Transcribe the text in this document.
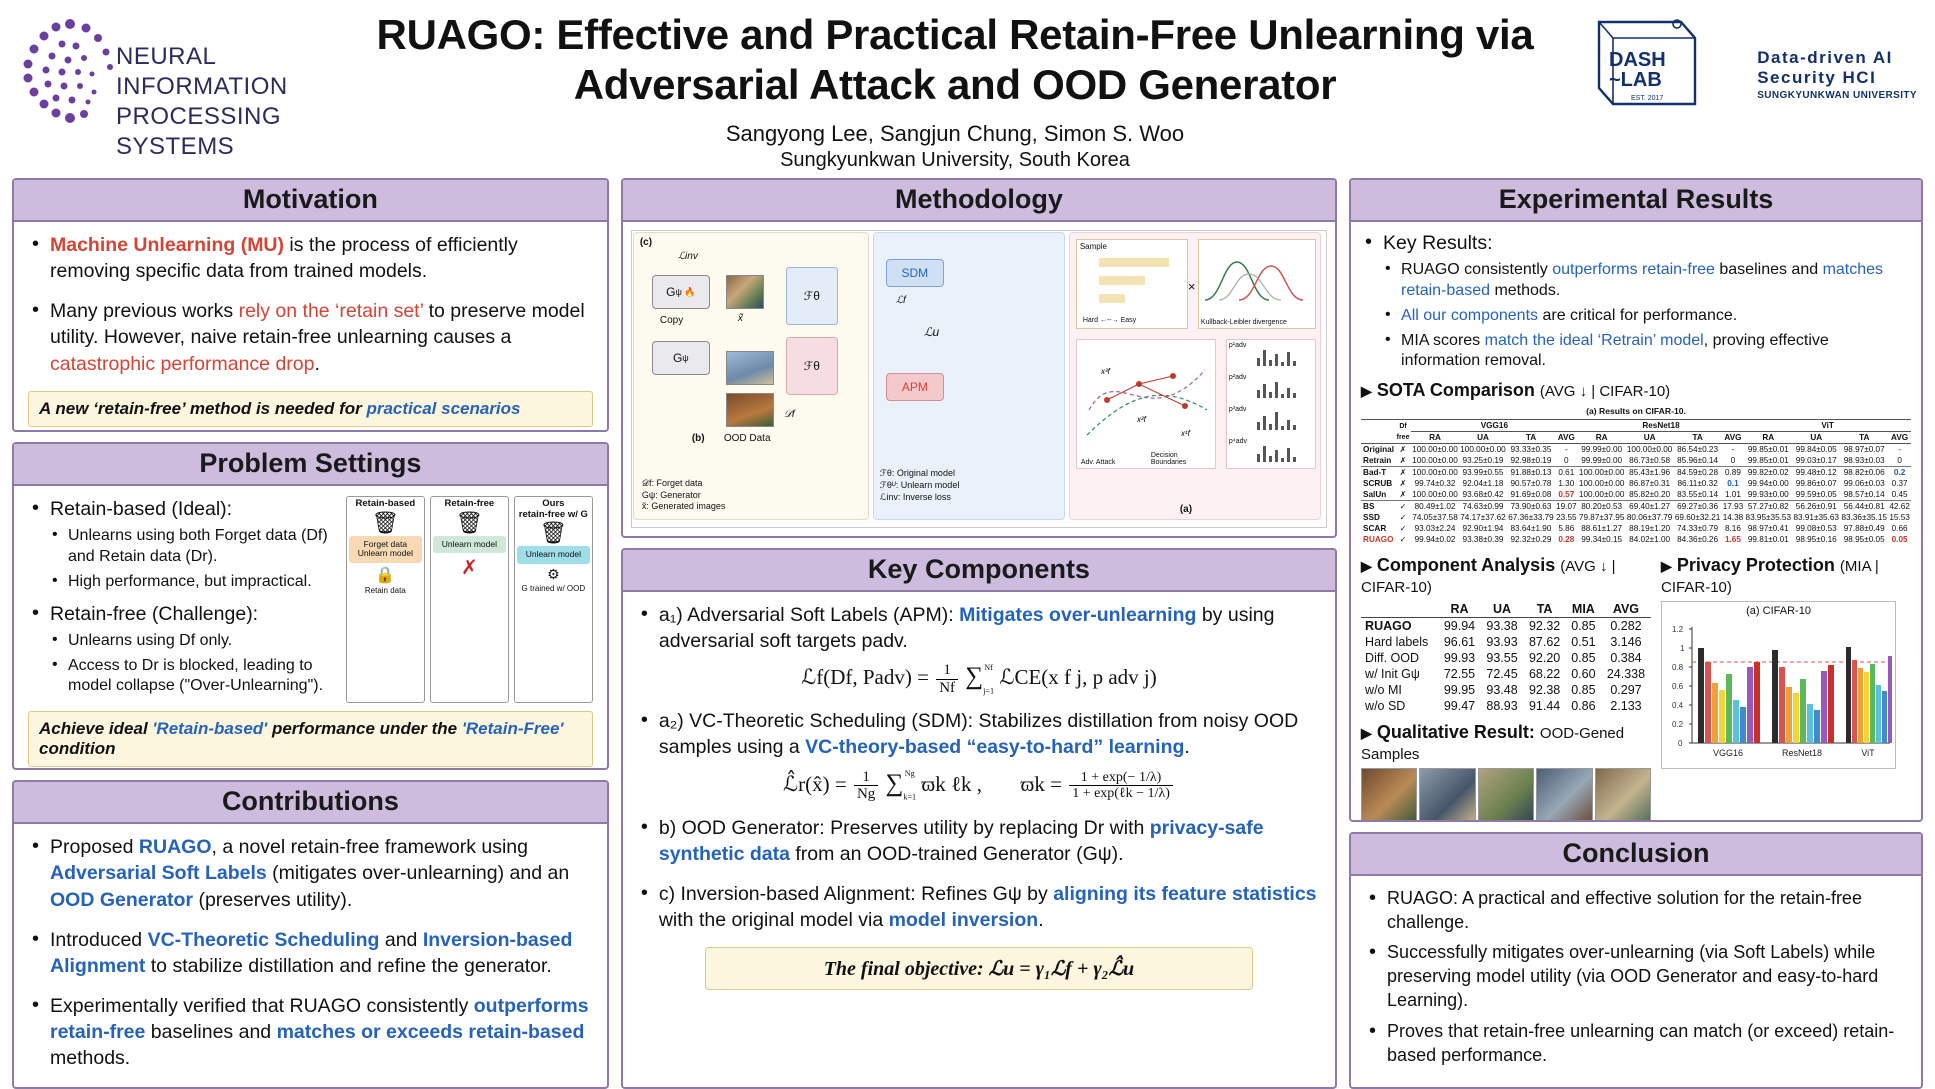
NEURAL INFORMATION
PROCESSING SYSTEMS
RUAGO: Effective and Practical Retain-Free Unlearning via Adversarial Attack and OOD Generator
Sangyong Lee, Sangjun Chung, Simon S. Woo
Sungkyunkwan University, South Korea
DASH
~LAB
EST. 2017
Data-driven AI
Security HCI
SUNGKYUNKWAN UNIVERSITY
Motivation
• Machine Unlearning (MU) is the process of efficiently removing specific data from trained models.
• Many previous works rely on the ‘retain set’ to preserve model utility. However, naive retain-free unlearning causes a catastrophic performance drop.
A new ‘retain-free’ method is needed for practical scenarios
Problem Settings
• Retain-based (Ideal):
• Unlearns using both Forget data (Df) and Retain data (Dr).
• High performance, but impractical.
• Retain-free (Challenge):
• Unlearns using Df only.
• Access to Dr is blocked, leading to model collapse ("Over-Unlearning").
Retain-based
🗑
Forget data
Unlearn model
🔒
Retain data
Retain-free
🗑
Unlearn model
✗
Ours
retain-free w/ G
🗑
Unlearn model
⚙
G trained w/ OOD
Achieve ideal 'Retain-based' performance under the 'Retain-Free' condition
Contributions
• Proposed RUAGO, a novel retain-free framework using Adversarial Soft Labels (mitigates over-unlearning) and an OOD Generator (preserves utility).
• Introduced VC-Theoretic Scheduling and Inversion-based Alignment to stabilize distillation and refine the generator.
• Experimentally verified that RUAGO consistently outperforms retain-free baselines and matches or exceeds retain-based methods.
Methodology
(c)
ℒinv
G ψ 🔥
Copy	x̃
ℱθ
G ψ
ℱθ
𝒟f
OOD Data
(b)
𝒟f: Forget data
Gψ: Generator
x̃: Generated images
SDM
APM
ℒf
ℒu
ℱθ: Original model
ℱθᵁ: Unlearn model
ℒinv: Inverse loss
Sample
Hard ←--→ Easy	Kullback-Leibler divergence
×
x³f
x²f
x¹f
Adv. Attack
Decision Boundaries
p¹adv
p²adv
p³adv
p⁴adv
(a)
Key Components
• a₁) Adversarial Soft Labels (APM): Mitigates over-unlearning by using adversarial soft targets padv.
ℒf(Df, Padv) = $\frac{1}{Nf} \sum^{Nf}$
$_{j=1}$ ℒCE(x f j, p adv j)
• a₂) VC-Theoretic Scheduling (SDM): Stabilizes distillation from noisy OOD samples using a VC-theory-based “easy-to-hard” learning.
ℒ̂r(x̂) = $\frac{1}{Ng} \sum^{Ng}$
$_{k=1}$ ϖk ℓk , $ϖk = \frac{1 + \exp(- 1/\lambda)}{\text{1 + exp(ℓk − 1/λ)}}$
• b) OOD Generator: Preserves utility by replacing Dr with privacy-safe synthetic data from an OOD-trained Generator (Gψ).
• c) Inversion-based Alignment: Refines Gψ by aligning its feature statistics with the original model via model inversion.
The final objective: ℒu = γ₁ℒf + γ₂ℒ̂u
Experimental Results
• Key Results:
• RUAGO consistently outperforms retain-free baselines and matches retain-based methods.
• All our components are critical for performance.
• MIA scores match the ideal ‘Retrain’ model, proving effective information removal.
▶ SOTA Comparison (AVG ↓ | CIFAR-10)
(a) Results on CIFAR-10.													
	Df
free	VGG16				ResNet18				ViT			
		RA	UA	TA	AVG	RA	UA	TA	AVG	RA	UA	TA	AVG
Original	✗	100.00±0.00	100.00±0.00	93.33±0.35	-	99.99±0.00	100.00±0.00	86.54±0.23	-	99.85±0.01	99.84±0.05	98.97±0.07	-
Retrain	✗	100.00±0.00	93.25±0.19	92.98±0.19	0	99.99±0.00	86.73±0.58	85.96±0.14	0	99.85±0.01	99.03±0.17	98.93±0.03	0
Bad-T	✗	100.00±0.00	93.99±0.55	91.88±0.13	0.61	100.00±0.00	85.43±1.96	84.59±0.28	0.89	99.82±0.02	99.48±0.12	98.82±0.06	0.2
SCRUB	✗	99.74±0.32	92.04±1.18	90.57±0.78	1.30	100.00±0.00	86.87±0.31	86.11±0.32	0.1	99.94±0.00	99.86±0.07	99.06±0.03	0.37
SalUn	✗	100.00±0.00	93.68±0.42	91.69±0.08	0.57	100.00±0.00	85.82±0.20	83.55±0.14	1.01	99.93±0.00	99.59±0.05	98.57±0.14	0.45
BS	✓	80.49±1.02	74.63±0.99	73.90±0.63	19.07	80.20±0.53	69.40±1.27	69.27±0.36	17.93	57.27±0.82	56.26±0.91	56.44±0.81	42.62
SSD	✓	74.05±37.58	74.17±37.62	67.36±33.79	23.55	79.87±37.95	80.06±37.79	69.60±32.21	14.38	83.95±35.53	83.91±35.63	83.36±35.15	15.53
SCAR	✓	93.03±2.24	92.90±1.94	83.64±1.90	5.86	88.61±1.27	88.19±1.20	74.33±0.79	8.16	98.97±0.41	99.08±0.53	97.88±0.49	0.66
RUAGO	✓	99.94±0.02	93.38±0.39	92.32±0.29	0.28	99.34±0.15	84.02±1.00	84.36±0.26	1.65	99.81±0.01	98.95±0.16	98.95±0.05	0.05
▶ Component Analysis (AVG ↓ | CIFAR-10)
	RA	UA	TA	MIA	AVG
RUAGO	99.94	93.38	92.32	0.85	0.282
Hard labels	96.61	93.93	87.62	0.51	3.146
Diff. OOD	99.93	93.55	92.20	0.85	0.384
w/ Init Gψ	72.55	72.45	68.22	0.60	24.338
w/o MI	99.95	93.48	92.38	0.85	0.297
w/o SD	99.47	88.93	91.44	0.86	2.133
▶ Qualitative Result: OOD-Gened Samples
▶ Privacy Protection (MIA | CIFAR-10)
(a) CIFAR-10
0
0.2
0.4
0.6
0.8
1
1.2
VGG16	ResNet18	ViT
Conclusion
• RUAGO: A practical and effective solution for the retain-free challenge.
• Successfully mitigates over-unlearning (via Soft Labels) while preserving model utility (via OOD Generator and easy-to-hard Learning).
• Proves that retain-free unlearning can match (or exceed) retain-based performance.
